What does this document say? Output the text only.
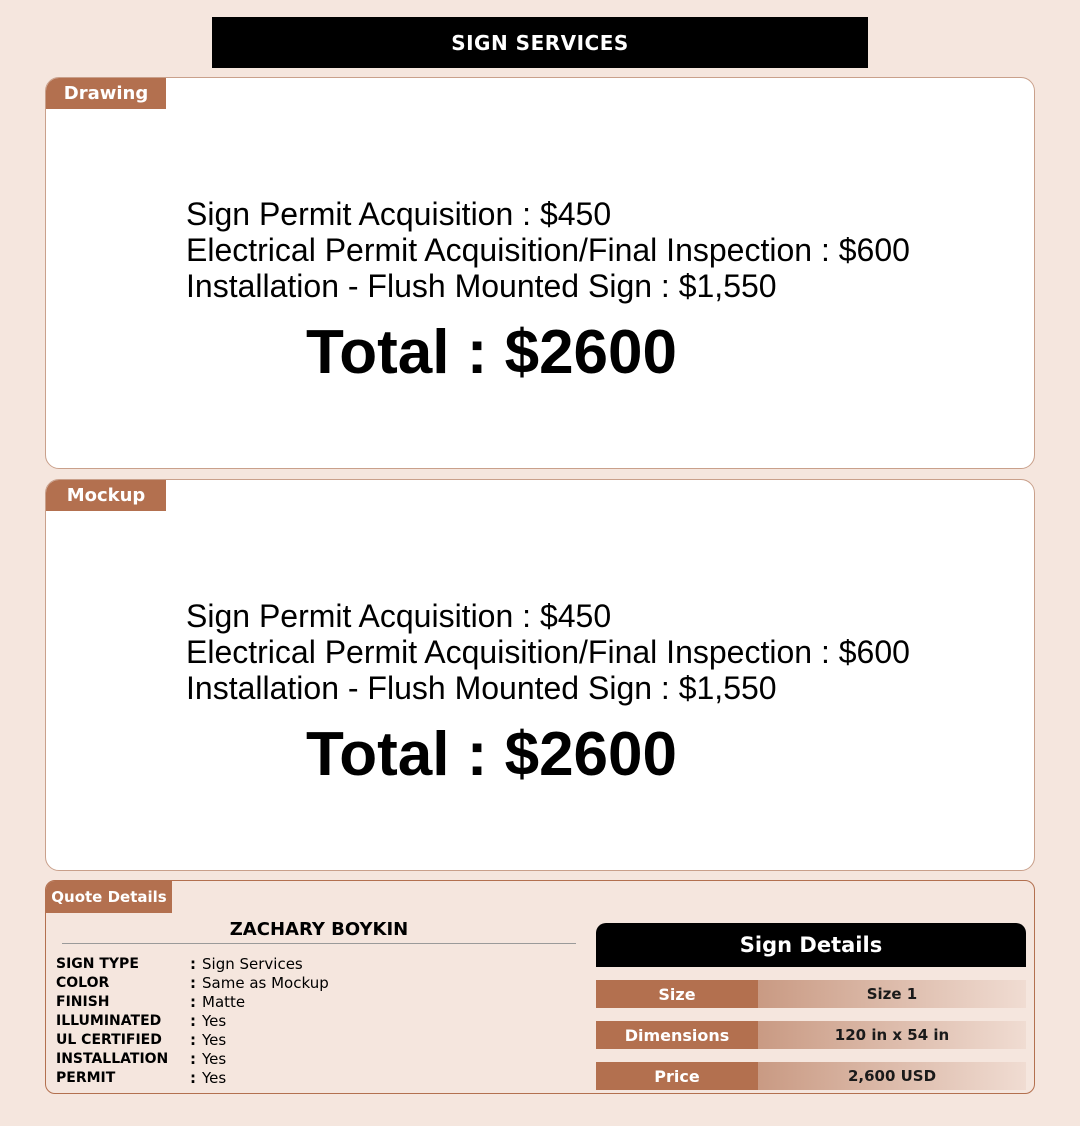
SIGN SERVICES
Drawing
Sign Permit Acquisition : $450
Electrical Permit Acquisition/Final Inspection : $600
Installation - Flush Mounted Sign : $1,550
Total : $2600
Mockup
Sign Permit Acquisition : $450
Electrical Permit Acquisition/Final Inspection : $600
Installation - Flush Mounted Sign : $1,550
Total : $2600
Quote Details
ZACHARY BOYKIN
SIGN TYPE	: Sign Services
COLOR	: Same as Mockup
FINISH	: Matte
ILLUMINATED	: Yes
UL CERTIFIED	: Yes
INSTALLATION	: Yes
PERMIT	: Yes
Sign Details
Size	Size 1
Dimensions	120 in x 54 in
Price	2,600 USD
